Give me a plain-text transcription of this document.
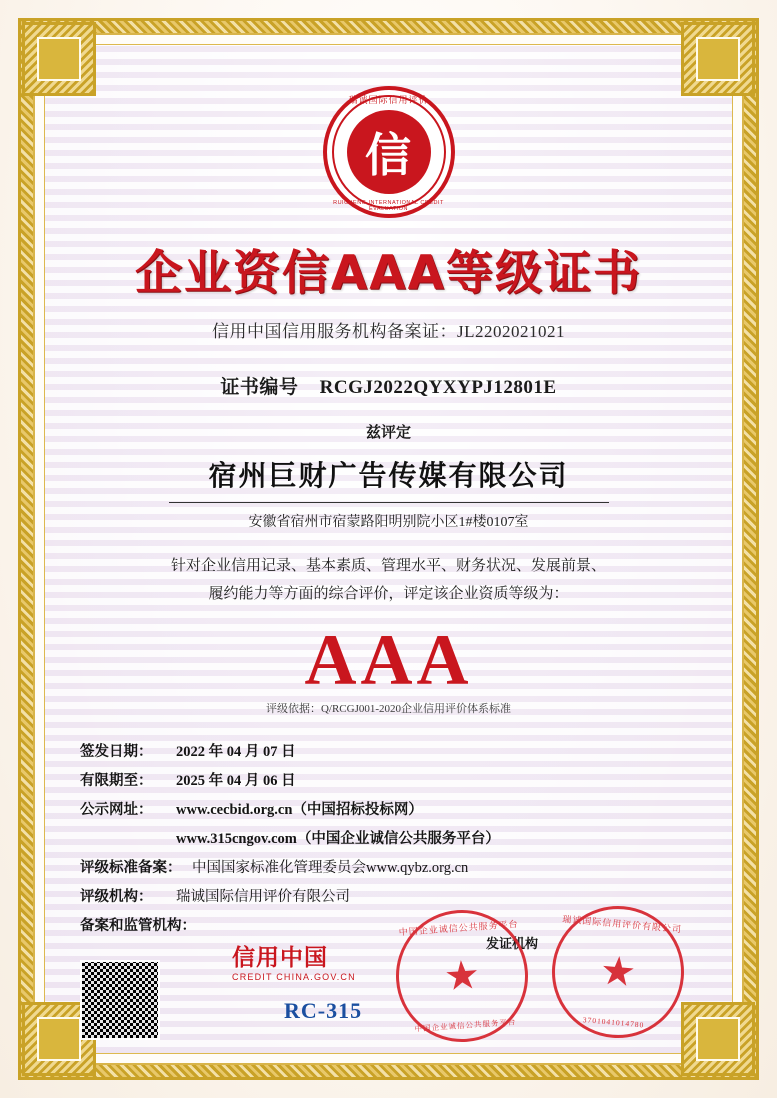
瑞诚国际信用评价
信
RUICHENG INTERNATIONAL CREDIT EVALUATION
企业资信AAA等级证书
信用中国信用服务机构备案证：JL2202021021
证书编号 RCGJ2022QYXYPJ12801E
兹评定
宿州巨财广告传媒有限公司
安徽省宿州市宿蒙路阳明别院小区1#楼0107室
针对企业信用记录、基本素质、管理水平、财务状况、发展前景、
履约能力等方面的综合评价，评定该企业资质等级为：
AAA
评级依据：Q/RCGJ001-2020企业信用评价体系标准
签发日期： 2022 年 04 月 07 日
有限期至： 2025 年 04 月 06 日
公示网址： www.cecbid.org.cn（中国招标投标网）
www.315cngov.com（中国企业诚信公共服务平台）
评级标准备案： 中国国家标准化管理委员会www.qybz.org.cn
评级机构： 瑞诚国际信用评价有限公司
备案和监管机构：
信用中国
CREDIT CHINA.GOV.CN
RC-315
发证机构
中国企业诚信公共服务平台
★
中国企业诚信公共服务平台
瑞诚国际信用评价有限公司
★
3701041014780
